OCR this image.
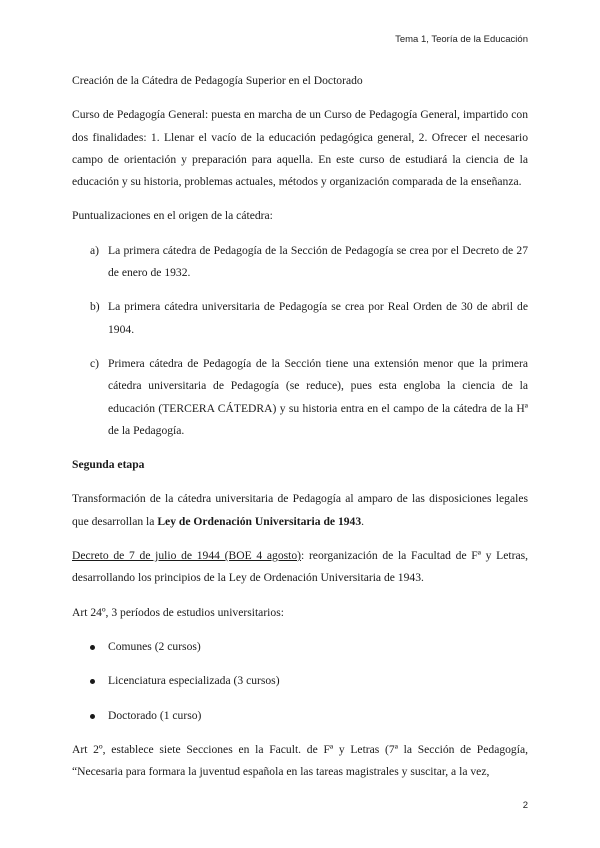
Tema 1, Teoría de la Educación

Creación de la Cátedra de Pedagogía Superior en el Doctorado

Curso de Pedagogía General: puesta en marcha de un Curso de Pedagogía General, impartido con dos finalidades: 1. Llenar el vacío de la educación pedagógica general, 2. Ofrecer el necesario campo de orientación y preparación para aquella. En este curso de estudiará la ciencia de la educación y su historia, problemas actuales, métodos y organización comparada de la enseñanza.

Puntualizaciones en el origen de la cátedra:

a) La primera cátedra de Pedagogía de la Sección de Pedagogía se crea por el Decreto de 27 de enero de 1932.
b) La primera cátedra universitaria de Pedagogía se crea por Real Orden de 30 de abril de 1904.
c) Primera cátedra de Pedagogía de la Sección tiene una extensión menor que la primera cátedra universitaria de Pedagogía (se reduce), pues esta engloba la ciencia de la educación (TERCERA CÁTEDRA) y su historia entra en el campo de la cátedra de la Hª de la Pedagogía.

Segunda etapa

Transformación de la cátedra universitaria de Pedagogía al amparo de las disposiciones legales que desarrollan la Ley de Ordenación Universitaria de 1943.

Decreto de 7 de julio de 1944 (BOE 4 agosto): reorganización de la Facultad de Fª y Letras, desarrollando los principios de la Ley de Ordenación Universitaria de 1943.

Art 24º, 3 períodos de estudios universitarios:

Comunes (2 cursos)
Licenciatura especializada (3 cursos)
Doctorado (1 curso)

Art 2º, establece siete Secciones en la Facult. de Fª y Letras (7ª la Sección de Pedagogía, “Necesaria para formara la juventud española en las tareas magistrales y suscitar, a la vez,

2
